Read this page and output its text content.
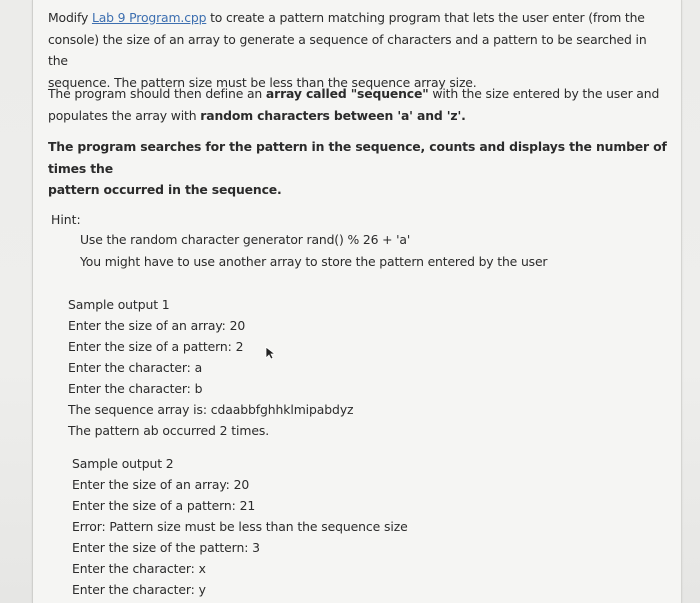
Modify Lab 9 Program.cpp to create a pattern matching program that lets the user enter (from the
console) the size of an array to generate a sequence of characters and a pattern to be searched in the
sequence. The pattern size must be less than the sequence array size.
The program should then define an array called "sequence" with the size entered by the user and
populates the array with random characters between 'a' and 'z'.
The program searches for the pattern in the sequence, counts and displays the number of times the
pattern occurred in the sequence.

Hint:

Use the random character generator rand() % 26 + 'a'

You might have to use another array to store the pattern entered by the user

Sample output 1
Enter the size of an array: 20
Enter the size of a pattern: 2
Enter the character: a
Enter the character: b
The sequence array is: cdaabbfghhklmipabdyz
The pattern ab occurred 2 times.
Sample output 2
Enter the size of an array: 20
Enter the size of a pattern: 21
Error: Pattern size must be less than the sequence size
Enter the size of the pattern: 3
Enter the character: x
Enter the character: y
